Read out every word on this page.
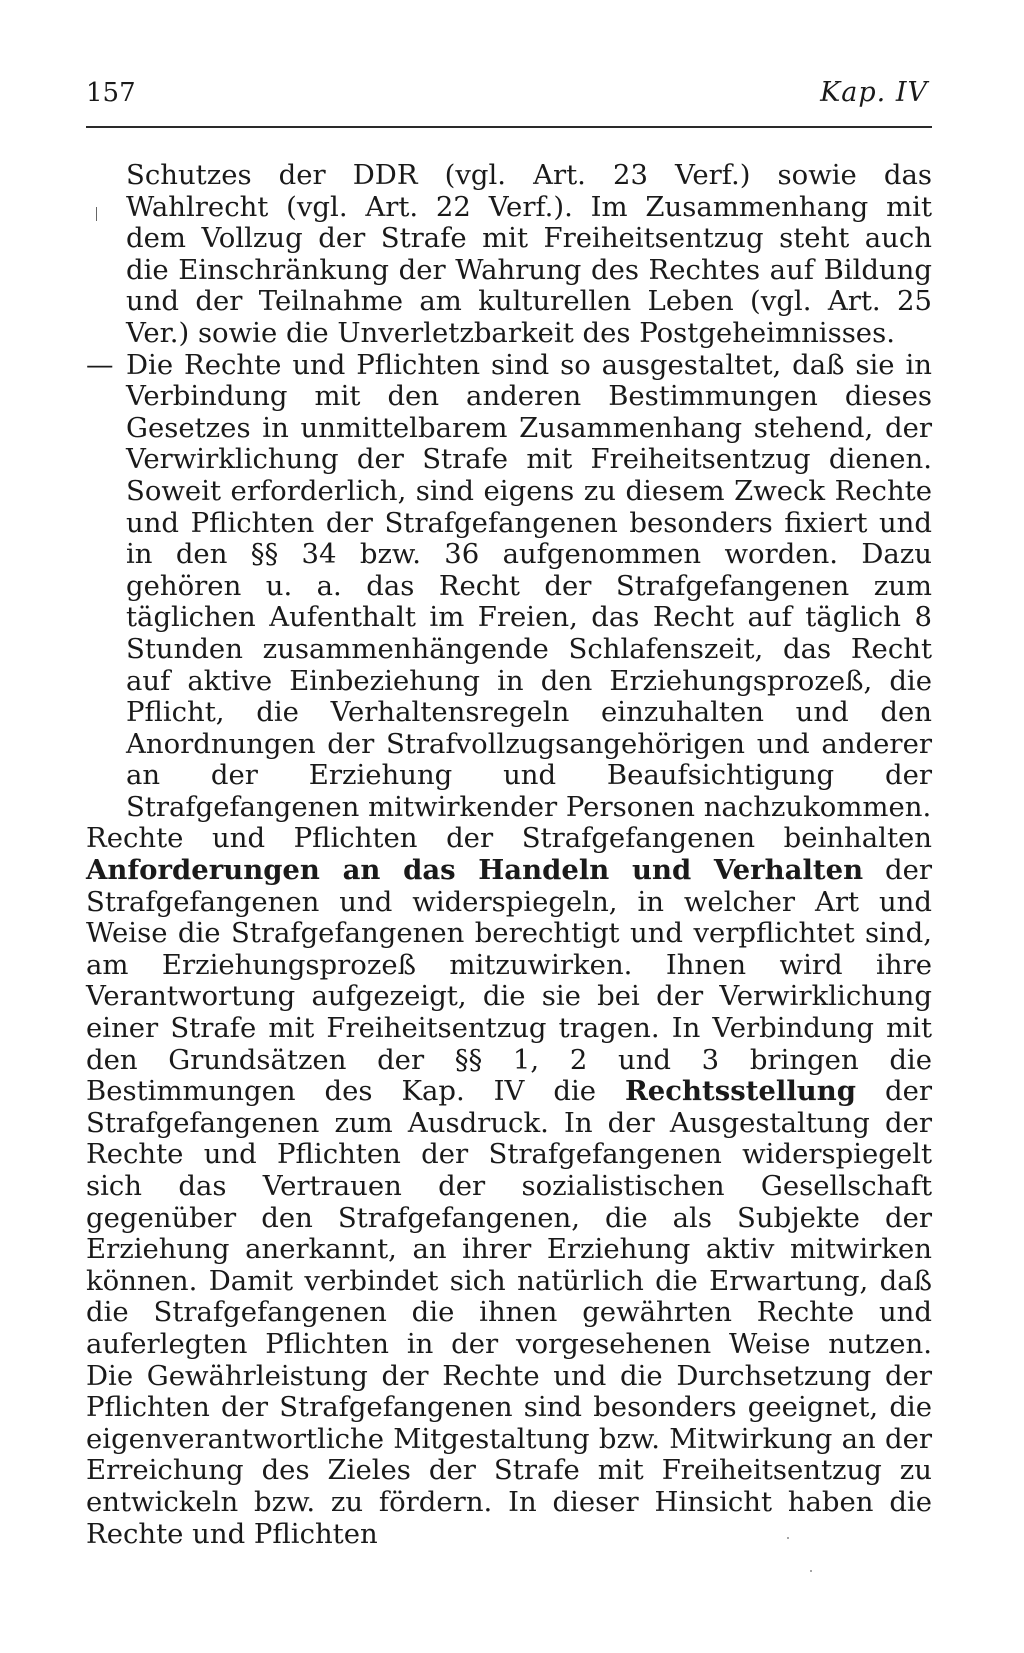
157	Kap. IV

Schutzes der DDR (vgl. Art. 23 Verf.) sowie das Wahlrecht (vgl. Art. 22 Verf.). Im Zusammenhang mit dem Vollzug der Strafe mit Freiheitsentzug steht auch die Einschränkung der Wahrung des Rechtes auf Bildung und der Teilnahme am kulturellen Leben (vgl. Art. 25 Ver.) sowie die Unverletzbarkeit des Postgeheimnisses.

— Die Rechte und Pflichten sind so ausgestaltet, daß sie in Verbindung mit den anderen Bestimmungen dieses Gesetzes in unmittelbarem Zusammenhang stehend, der Verwirklichung der Strafe mit Freiheitsentzug dienen. Soweit erforderlich, sind eigens zu diesem Zweck Rechte und Pflichten der Strafgefangenen besonders fixiert und in den §§ 34 bzw. 36 aufgenommen worden. Dazu gehören u. a. das Recht der Strafgefangenen zum täglichen Aufenthalt im Freien, das Recht auf täglich 8 Stunden zusammenhängende Schlafenszeit, das Recht auf aktive Einbeziehung in den Erziehungsprozeß, die Pflicht, die Verhaltensregeln einzuhalten und den Anordnungen der Strafvollzugsangehörigen und anderer an der Erziehung und Beaufsichtigung der Strafgefangenen mitwirkender Personen nachzukommen.

Rechte und Pflichten der Strafgefangenen beinhalten Anforderungen an das Handeln und Verhalten der Strafgefangenen und widerspiegeln, in welcher Art und Weise die Strafgefangenen berechtigt und verpflichtet sind, am Erziehungsprozeß mitzuwirken. Ihnen wird ihre Verantwortung aufgezeigt, die sie bei der Verwirklichung einer Strafe mit Freiheitsentzug tragen. In Verbindung mit den Grundsätzen der §§ 1, 2 und 3 bringen die Bestimmungen des Kap. IV die Rechtsstellung der Strafgefangenen zum Ausdruck. In der Ausgestaltung der Rechte und Pflichten der Strafgefangenen widerspiegelt sich das Vertrauen der sozialistischen Gesellschaft gegenüber den Strafgefangenen, die als Subjekte der Erziehung anerkannt, an ihrer Erziehung aktiv mitwirken können. Damit verbindet sich natürlich die Erwartung, daß die Strafgefangenen die ihnen gewährten Rechte und auferlegten Pflichten in der vorgesehenen Weise nutzen. Die Gewährleistung der Rechte und die Durchsetzung der Pflichten der Strafgefangenen sind besonders geeignet, die eigenverantwortliche Mitgestaltung bzw. Mitwirkung an der Erreichung des Zieles der Strafe mit Freiheitsentzug zu entwickeln bzw. zu fördern. In dieser Hinsicht haben die Rechte und Pflichten
